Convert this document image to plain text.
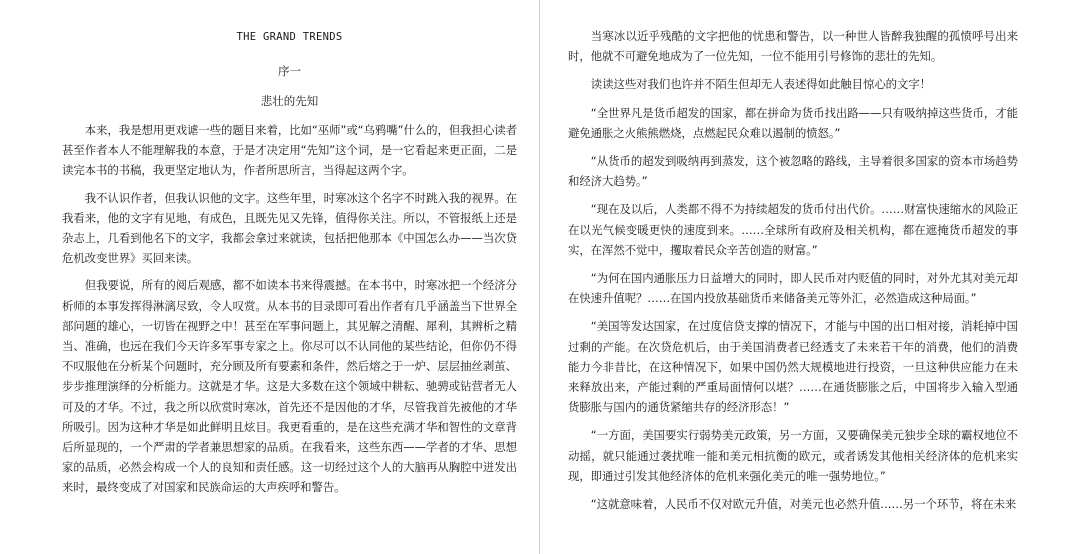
THE GRAND TRENDS
序一
悲壮的先知

本来，我是想用更戏谑一些的题目来着，比如“巫师”或“乌鸦嘴”什么的，但我担心读者甚至作者本人不能理解我的本意，于是才决定用“先知”这个词，是一它看起来更正面，二是读完本书的书稿，我更坚定地认为，作者所思所言，当得起这两个字。

我不认识作者，但我认识他的文字。这些年里，时寒冰这个名字不时跳入我的视界。在我看来，他的文字有见地，有成色，且既先见又先锋，值得你关注。所以，不管报纸上还是杂志上，几看到他名下的文字，我都会拿过来就读，包括把他那本《中国怎么办——当次贷危机改变世界》买回来读。

但我要说，所有的阅后观感，都不如读本书来得震撼。在本书中，时寒冰把一个经济分析师的本事发挥得淋漓尽致，令人叹赏。从本书的目录即可看出作者有几乎涵盖当下世界全部问题的雄心，一切皆在视野之中！甚至在军事问题上，其见解之清醒、犀利，其辨析之精当、准确，也远在我们今天许多军事专家之上。你尽可以不认同他的某些结论，但你仍不得不叹服他在分析某个问题时，充分顾及所有要素和条件，然后熔之于一炉、层层抽丝剥茧、步步推理演绎的分析能力。这就是才华。这是大多数在这个领域中耕耘、驰骋或钻营者无人可及的才华。不过，我之所以欣赏时寒冰，首先还不是因他的才华，尽管我首先被他的才华所吸引。因为这种才华是如此鲜明且炫目。我更看重的，是在这些充满才华和智性的文章背后所显现的，一个严肃的学者兼思想家的品质。在我看来，这些东西——学者的才华、思想家的品质，必然会构成一个人的良知和责任感。这一切经过这个人的大脑再从胸腔中迸发出来时，最终变成了对国家和民族命运的大声疾呼和警告。

当寒冰以近乎残酷的文字把他的忧患和警告，以一种世人皆醉我独醒的孤愤呼号出来时，他就不可避免地成为了一位先知，一位不能用引号修饰的悲壮的先知。

读读这些对我们也许并不陌生但却无人表述得如此触目惊心的文字！

“全世界凡是货币超发的国家，都在拼命为货币找出路——只有吸纳掉这些货币，才能避免通胀之火熊熊燃烧，点燃起民众难以遏制的愤怒。”

“从货币的超发到吸纳再到蒸发，这个被忽略的路线，主导着很多国家的资本市场趋势和经济大趋势。”

“现在及以后，人类都不得不为持续超发的货币付出代价。……财富快速缩水的风险正在以光气候变暖更快的速度到来。……全球所有政府及相关机构，都在遮掩货币超发的事实，在浑然不觉中，攫取着民众辛苦创造的财富。”

“为何在国内通胀压力日益增大的同时，即人民币对内贬值的同时，对外尤其对美元却在快速升值呢？……在国内投放基础货币来储备美元等外汇，必然造成这种局面。”

“美国等发达国家，在过度信贷支撑的情况下，才能与中国的出口相对接，消耗掉中国过剩的产能。在次贷危机后，由于美国消费者已经透支了未来若干年的消费，他们的消费能力今非昔比，在这种情况下，如果中国仍然大规模地进行投资，一旦这种供应能力在未来释放出来，产能过剩的严重局面情何以堪？……在通货膨胀之后，中国将步入输入型通货膨胀与国内的通货紧缩共存的经济形态！”

“一方面，美国要实行弱势美元政策，另一方面，又要确保美元独步全球的霸权地位不动摇，就只能通过袭扰唯一能和美元相抗衡的欧元，或者诱发其他相关经济体的危机来实现，即通过引发其他经济体的危机来强化美元的唯一强势地位。”

“这就意味着，人民币不仅对欧元升值，对美元也必然升值……另一个环节，将在未来
